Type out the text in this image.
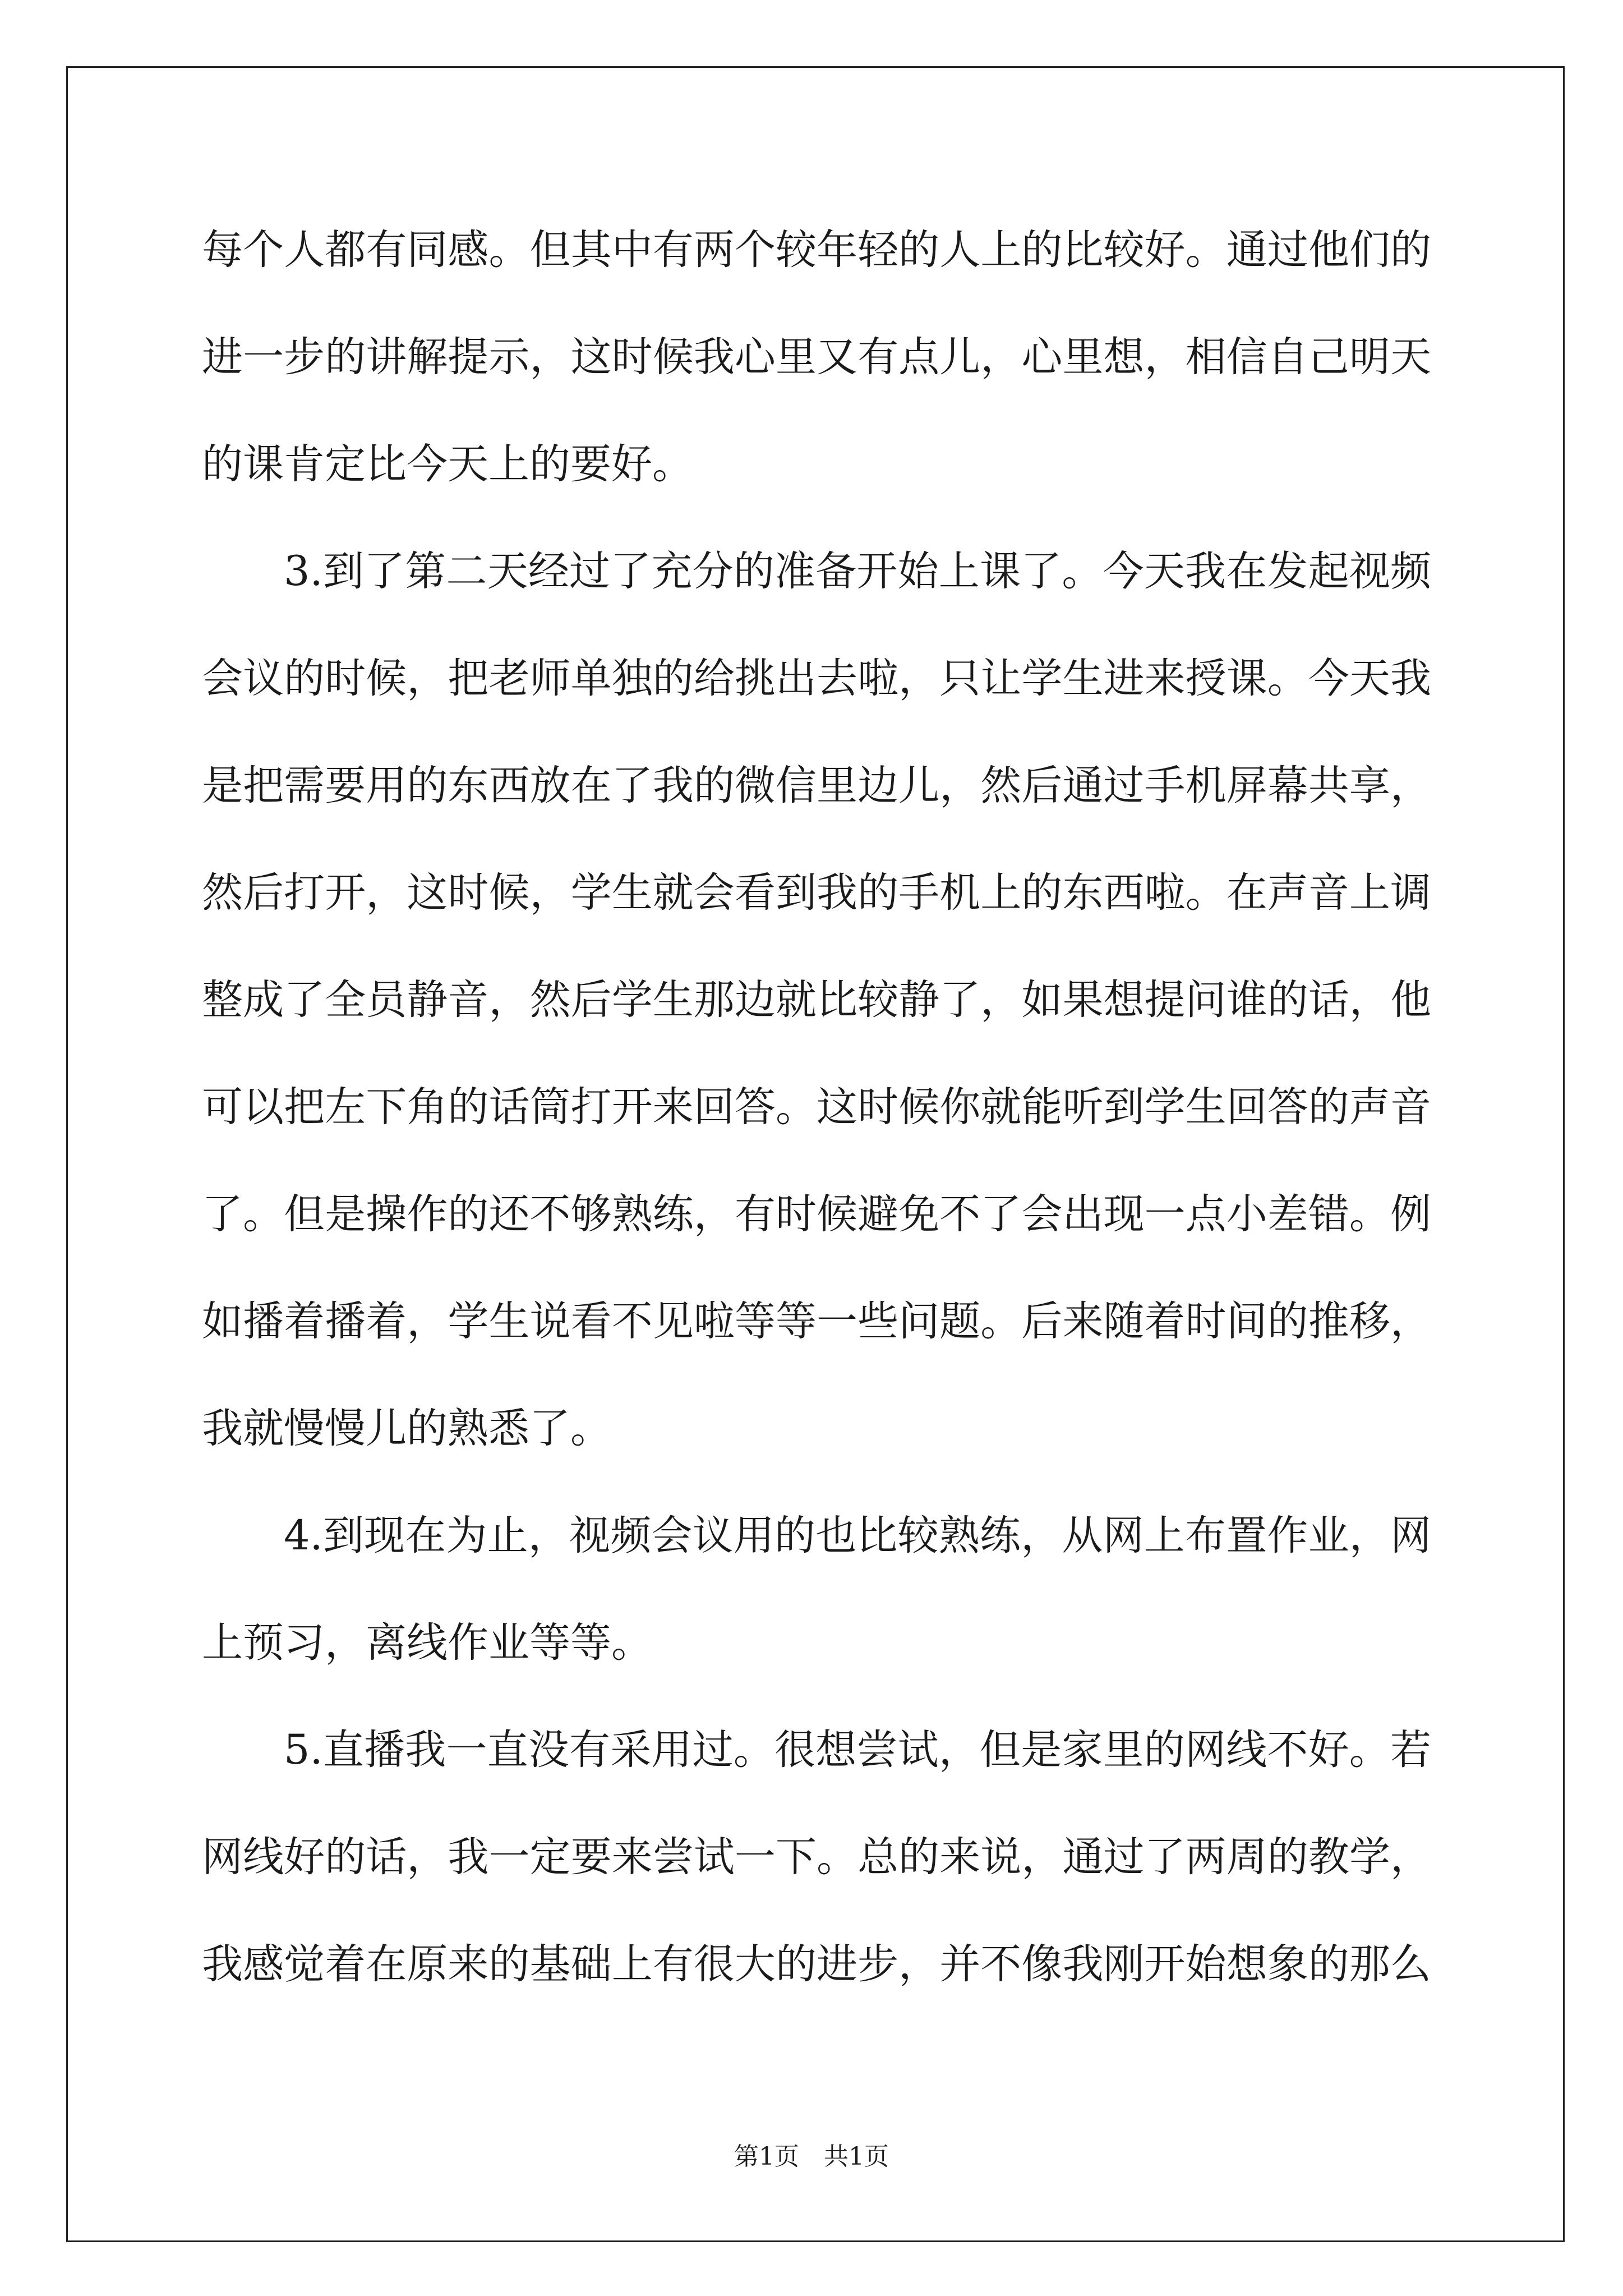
每个人都有同感。但其中有两个较年轻的人上的比较好。通过他们的
进一步的讲解提示，这时候我心里又有点儿，心里想，相信自己明天
的课肯定比今天上的要好。
3.到了第二天经过了充分的准备开始上课了。今天我在发起视频
会议的时候，把老师单独的给挑出去啦，只让学生进来授课。今天我
是把需要用的东西放在了我的微信里边儿，然后通过手机屏幕共享，
然后打开，这时候，学生就会看到我的手机上的东西啦。在声音上调
整成了全员静音，然后学生那边就比较静了，如果想提问谁的话，他
可以把左下角的话筒打开来回答。这时候你就能听到学生回答的声音
了。但是操作的还不够熟练，有时候避免不了会出现一点小差错。例
如播着播着，学生说看不见啦等等一些问题。后来随着时间的推移，
我就慢慢儿的熟悉了。
4.到现在为止，视频会议用的也比较熟练，从网上布置作业，网
上预习，离线作业等等。
5.直播我一直没有采用过。很想尝试，但是家里的网线不好。若
网线好的话，我一定要来尝试一下。总的来说，通过了两周的教学，
我感觉着在原来的基础上有很大的进步，并不像我刚开始想象的那么
第1页　共1页
